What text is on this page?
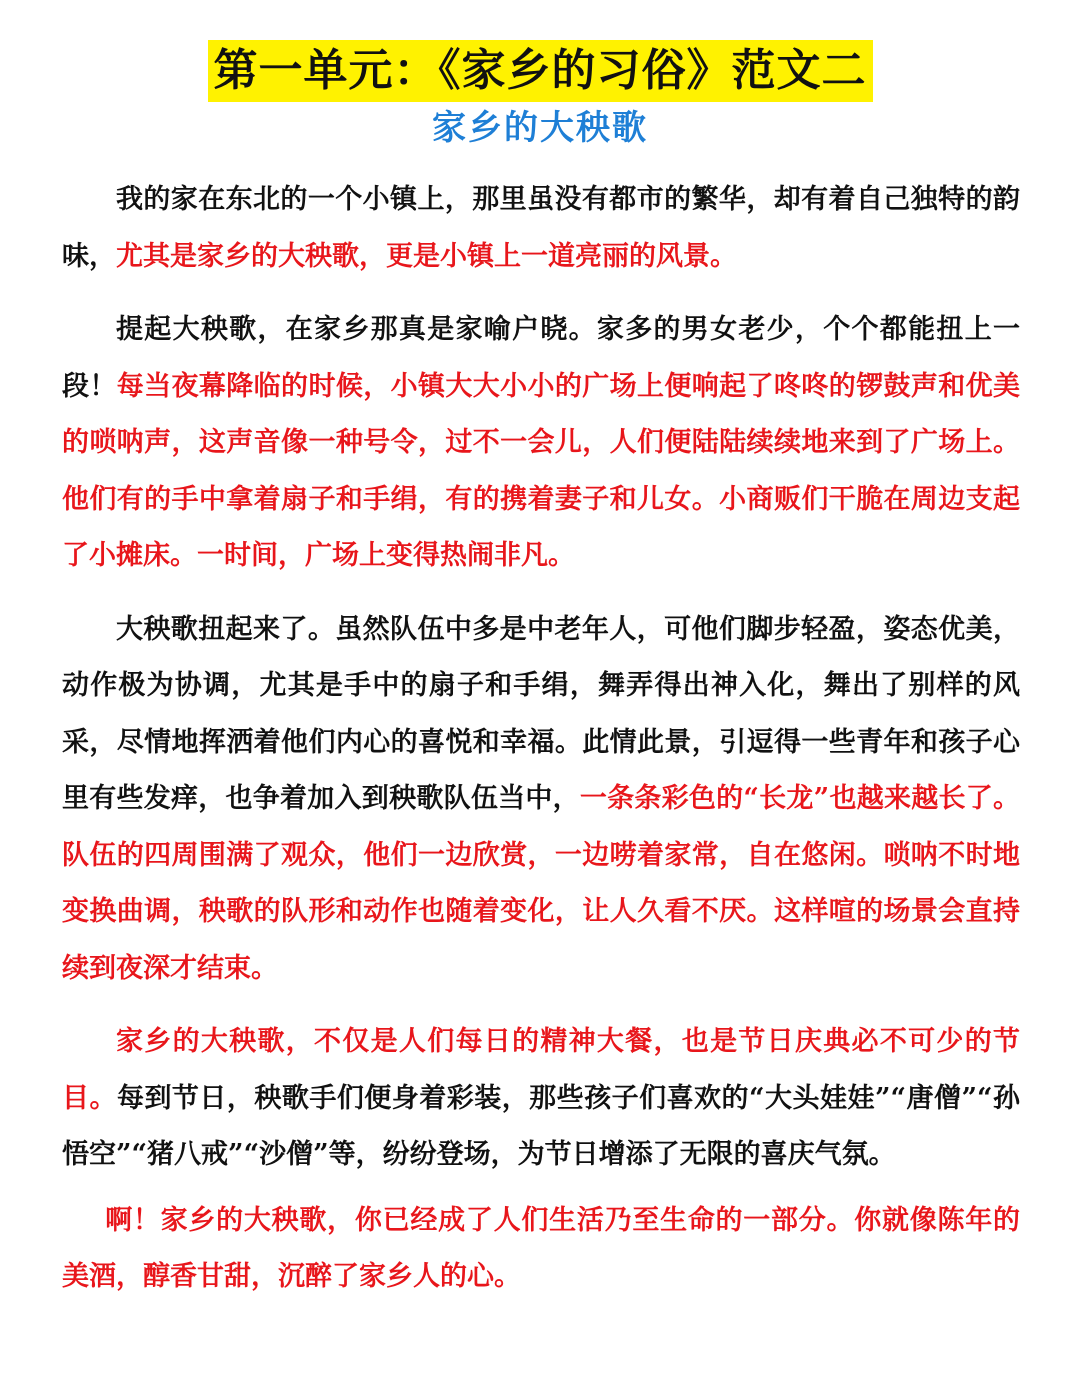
第一单元：《家乡的习俗》范文二
家乡的大秧歌

我的家在东北的一个小镇上，那里虽没有都市的繁华，却有着自己独特的韵味，尤其是家乡的大秧歌，更是小镇上一道亮丽的风景。

提起大秧歌，在家乡那真是家喻户晓。家多的男女老少，个个都能扭上一段！每当夜幕降临的时候，小镇大大小小的广场上便响起了咚咚的锣鼓声和优美的唢呐声，这声音像一种号令，过不一会儿，人们便陆陆续续地来到了广场上。他们有的手中拿着扇子和手绢，有的携着妻子和儿女。小商贩们干脆在周边支起了小摊床。一时间，广场上变得热闹非凡。

大秧歌扭起来了。虽然队伍中多是中老年人，可他们脚步轻盈，姿态优美，动作极为协调，尤其是手中的扇子和手绢，舞弄得出神入化，舞出了别样的风采，尽情地挥洒着他们内心的喜悦和幸福。此情此景，引逗得一些青年和孩子心里有些发痒，也争着加入到秧歌队伍当中，一条条彩色的“长龙”也越来越长了。队伍的四周围满了观众，他们一边欣赏，一边唠着家常，自在悠闲。唢呐不时地变换曲调，秧歌的队形和动作也随着变化，让人久看不厌。这样喧的场景会直持续到夜深才结束。

家乡的大秧歌，不仅是人们每日的精神大餐，也是节日庆典必不可少的节目。每到节日，秧歌手们便身着彩装，那些孩子们喜欢的“大头娃娃”“唐僧”“孙悟空”“猪八戒”“沙僧”等，纷纷登场，为节日增添了无限的喜庆气氛。

啊！家乡的大秧歌，你已经成了人们生活乃至生命的一部分。你就像陈年的美酒，醇香甘甜，沉醉了家乡人的心。
